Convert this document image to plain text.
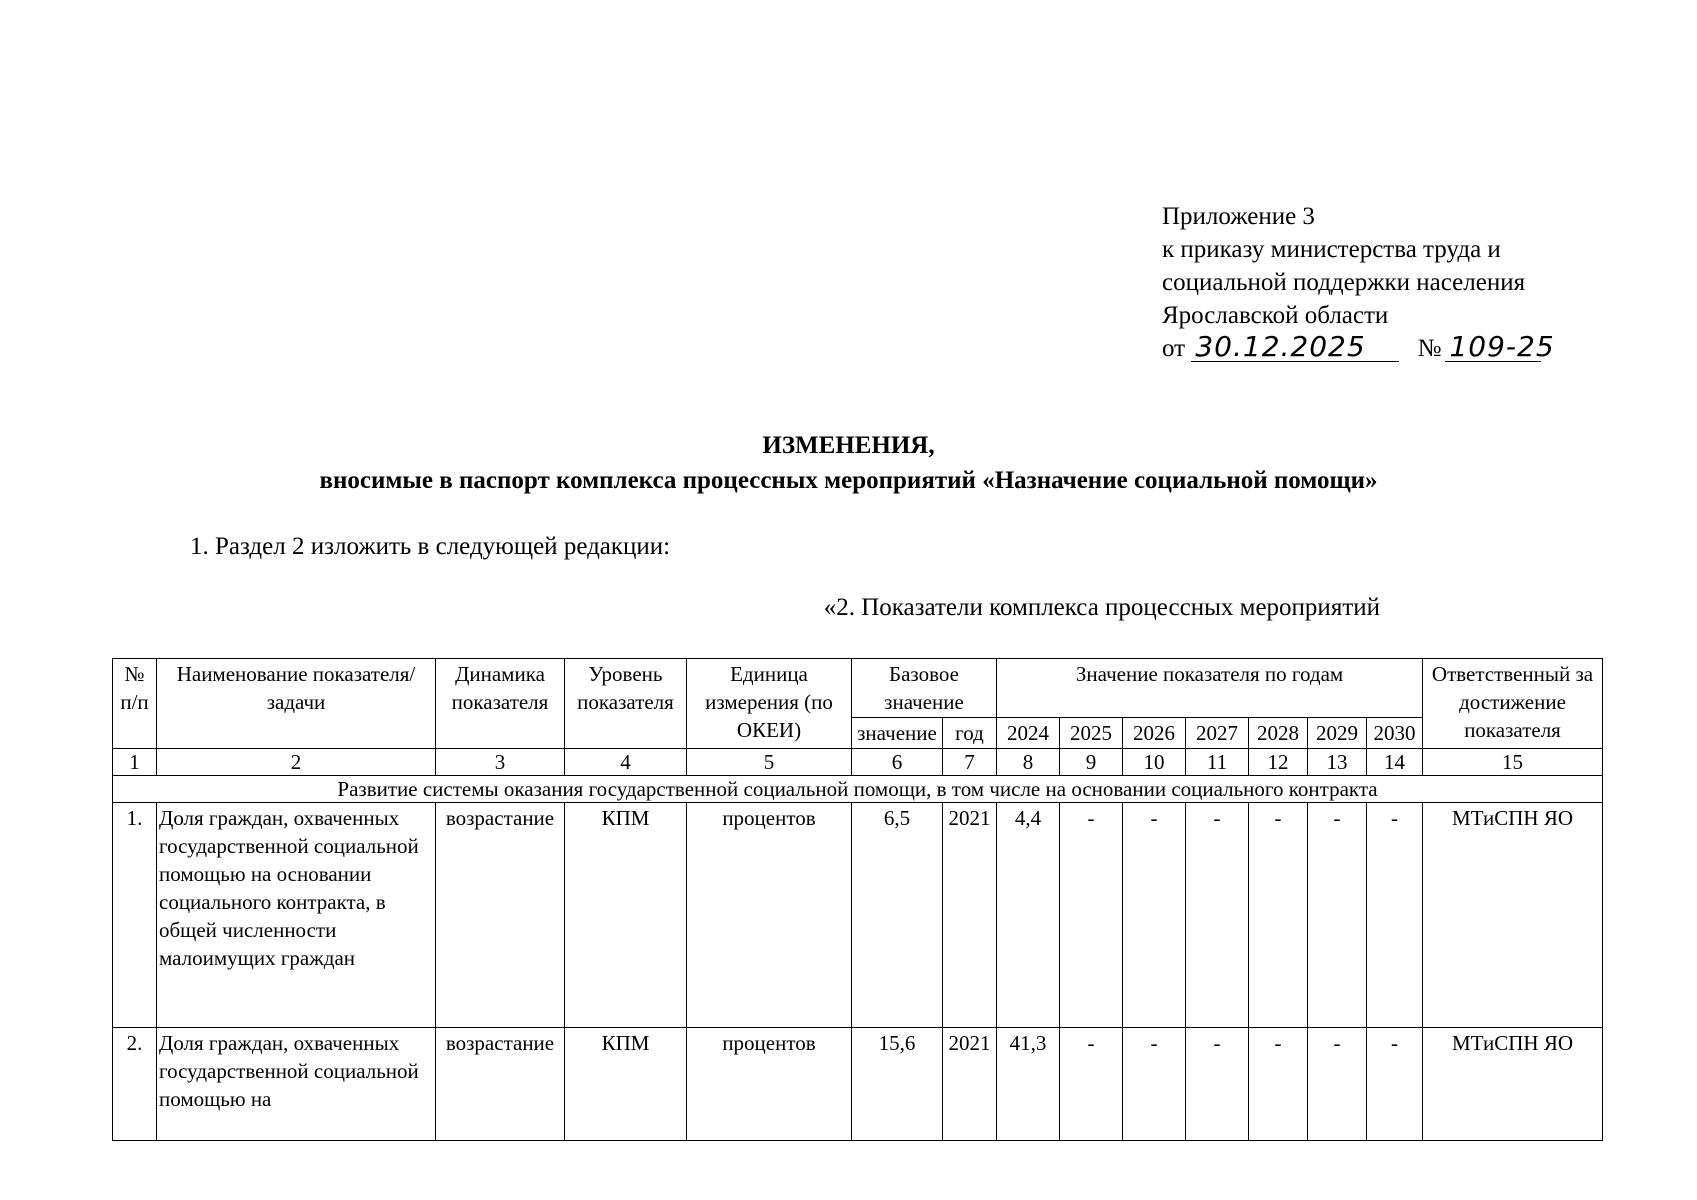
Приложение 3
к приказу министерства труда и
социальной поддержки населения
Ярославской области
от 30.12.2025 № 109-25
ИЗМЕНЕНИЯ,
вносимые в паспорт комплекса процессных мероприятий «Назначение социальной помощи»
1. Раздел 2 изложить в следующей редакции:
«2. Показатели комплекса процессных мероприятий
№ п/п	Наименование показателя/задачи	Динамика показателя	Уровень показателя	Единица измерения (по ОКЕИ)	Базовое значение		Значение показателя по годам							Ответственный за достижение показателя
					значение	год	2024	2025	2026	2027	2028	2029	2030	
1	2	3	4	5	6	7	8	9	10	11	12	13	14	15
Развитие системы оказания государственной социальной помощи, в том числе на основании социального контракта														
1.	Доля граждан, охваченных государственной социальной помощью на основании социального контракта, в общей численности малоимущих граждан	возрастание	КПМ	процентов	6,5	2021	4,4	-	-	-	-	-	-	МТиСПН ЯО
2.	Доля граждан, охваченных государственной социальной помощью на	возрастание	КПМ	процентов	15,6	2021	41,3	-	-	-	-	-	-	МТиСПН ЯО
